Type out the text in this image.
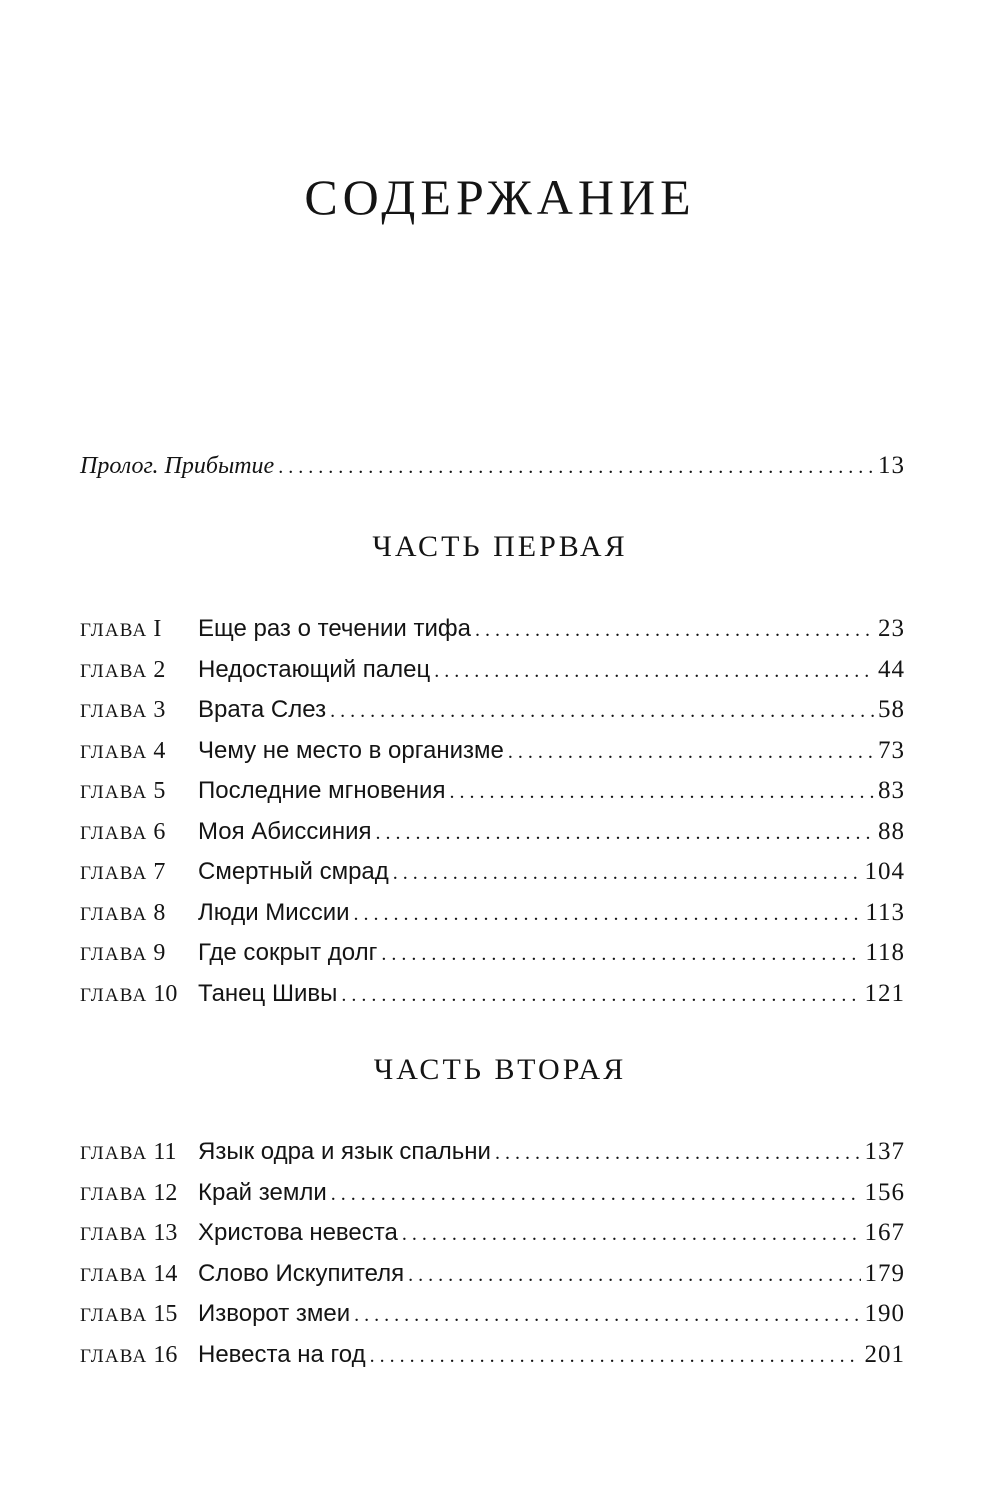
СОДЕРЖАНИЕ
Пролог. Прибытие . . .	13
ЧАСТЬ ПЕРВАЯ
ГЛАВА I	Еще раз о течении тифа . . .	23
ГЛАВА 2	Недостающий палец . . .	44
ГЛАВА 3	Врата Слез . . .	58
ГЛАВА 4	Чему не место в организме . . .	73
ГЛАВА 5	Последние мгновения . . .	83
ГЛАВА 6	Моя Абиссиния . . .	88
ГЛАВА 7	Смертный смрад . . .	104
ГЛАВА 8	Люди Миссии . . .	113
ГЛАВА 9	Где сокрыт долг . . .	118
ГЛАВА 10 Танец Шивы . . .	121
ЧАСТЬ ВТОРАЯ
ГЛАВА 11 Язык одра и язык спальни . . .	137
ГЛАВА 12 Край земли . . .	156
ГЛАВА 13 Христова невеста . . .	167
ГЛАВА 14 Слово Искупителя . . .	179
ГЛАВА 15 Изворот змеи . . .	190
ГЛАВА 16 Невеста на год . . .	201
